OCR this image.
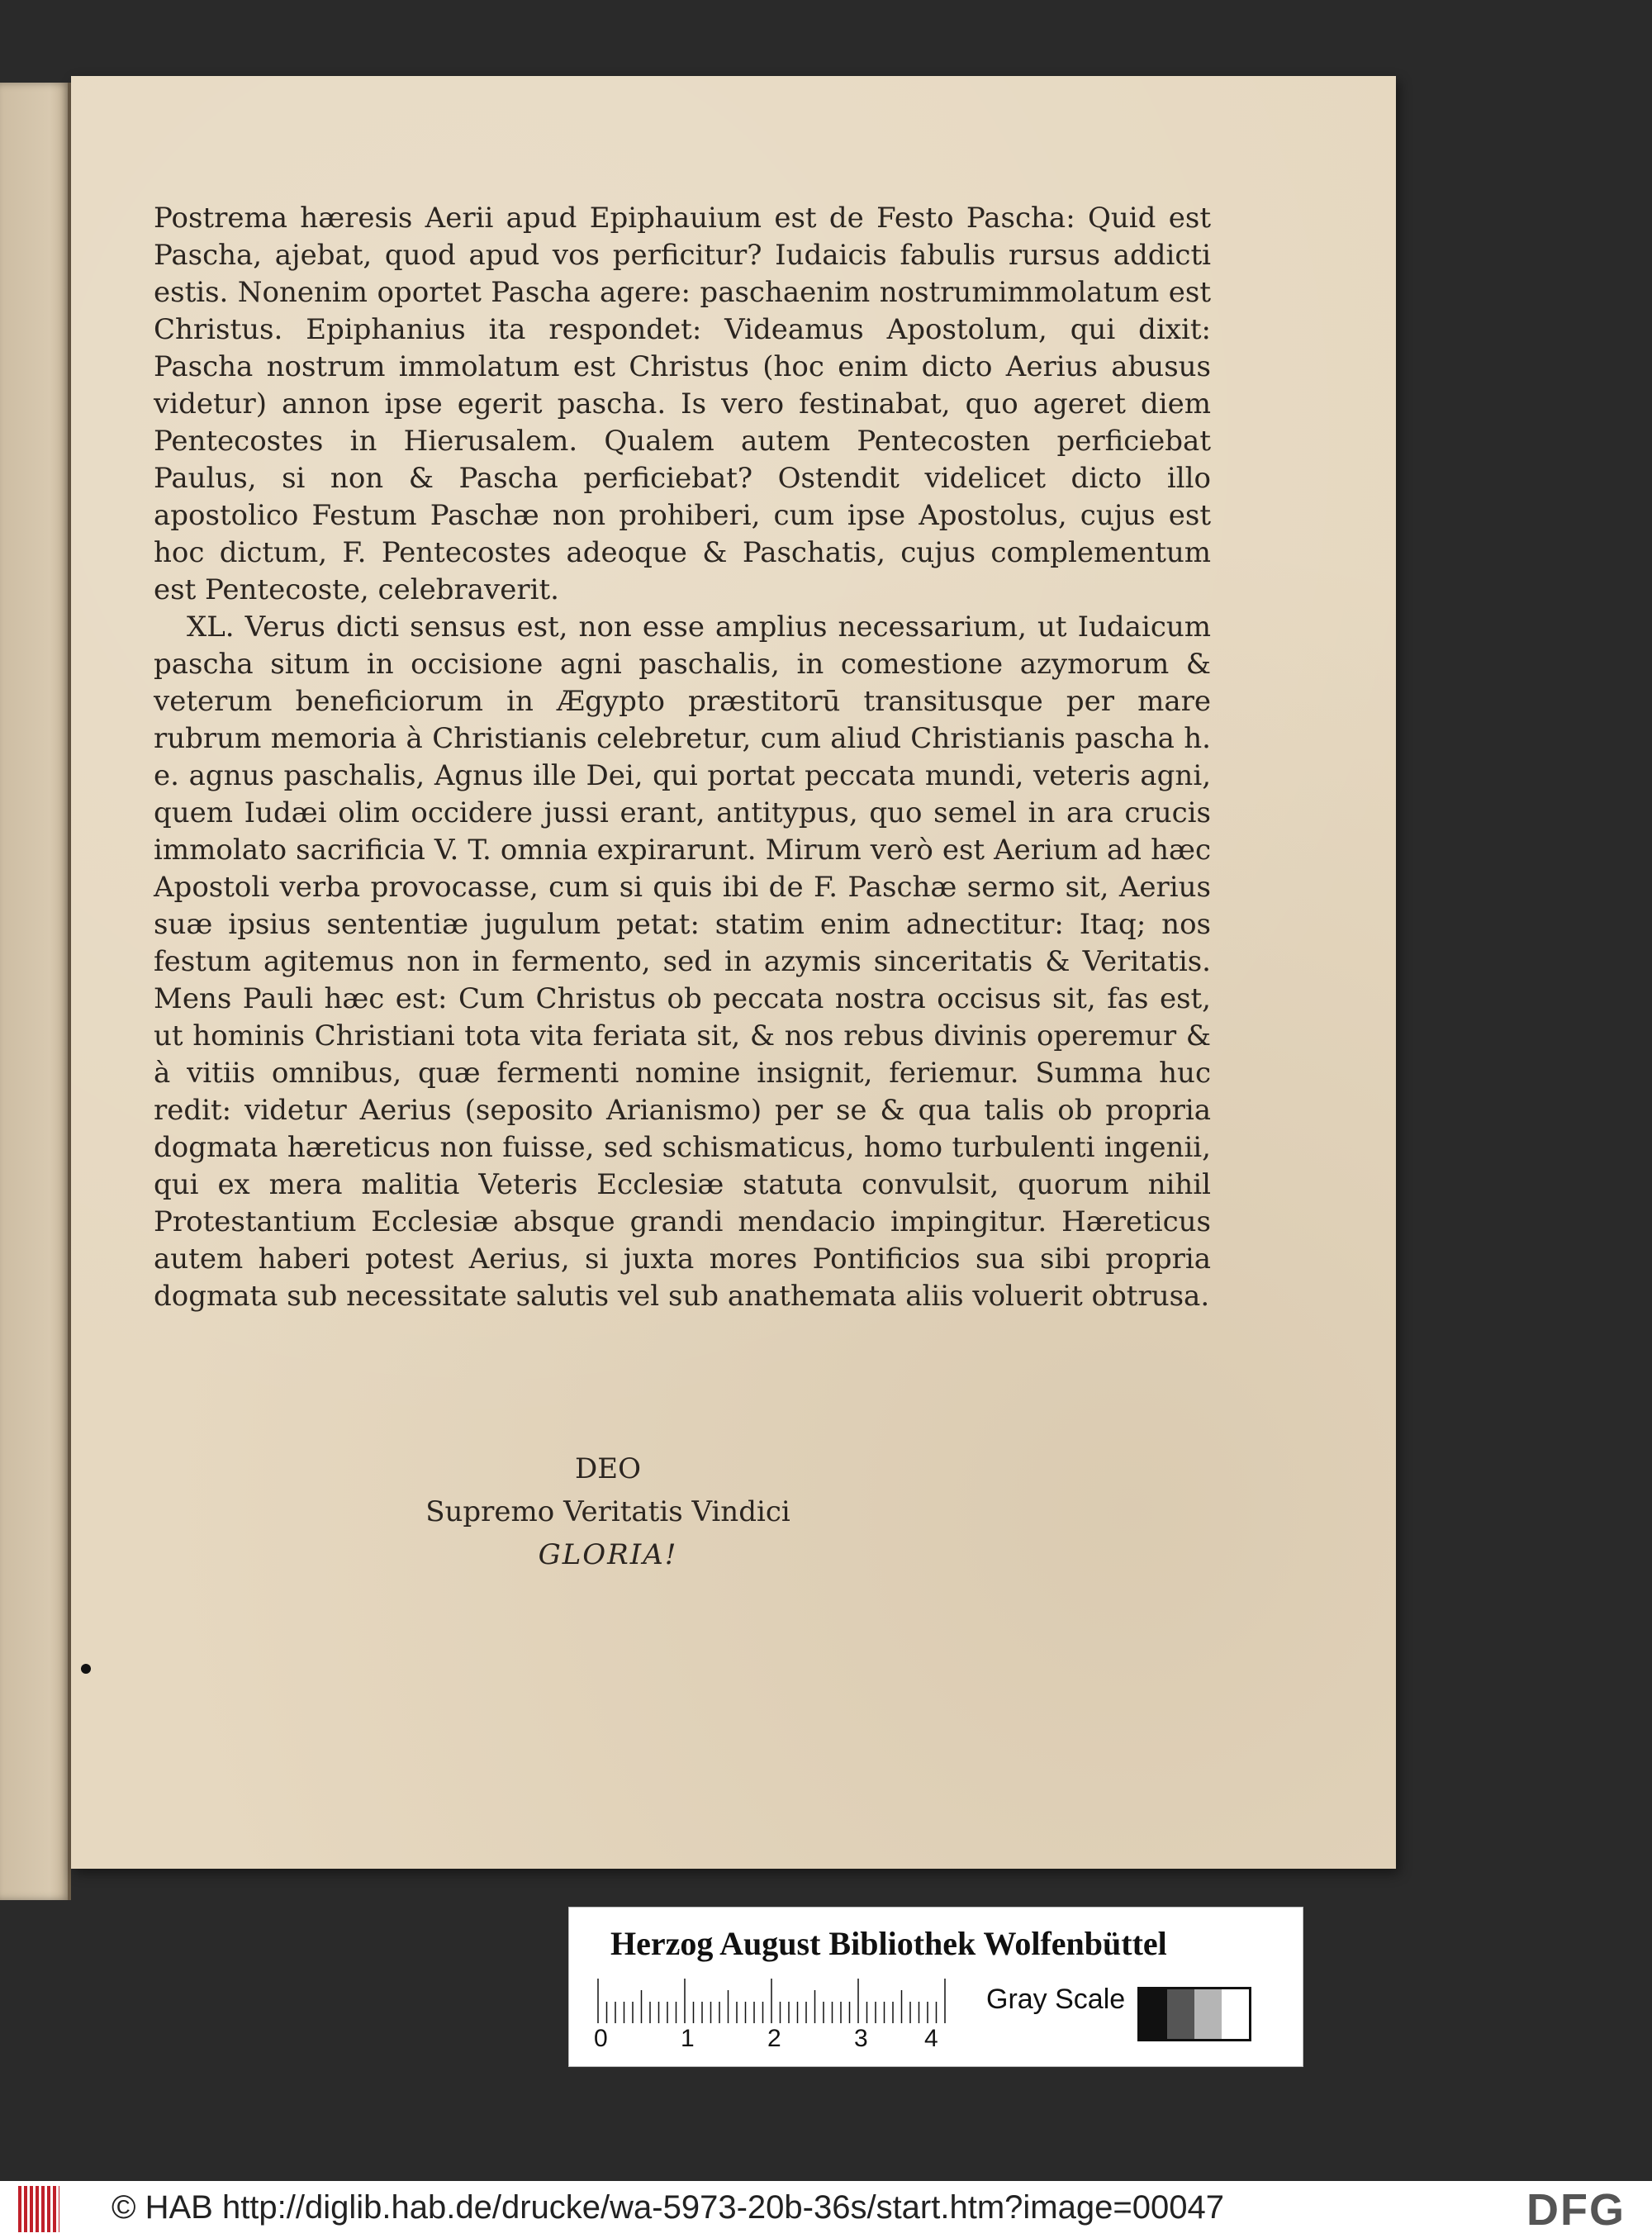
Postrema hæresis Aerii apud Epiphauium est de Festo Pascha: Quid est Pascha, ajebat, quod apud vos perficitur? Iudaicis fabulis rursus addicti estis. Nonenim oportet Pascha agere: paschaenim nostrumimmolatum est Christus. Epiphanius ita respondet: Videamus Apostolum, qui dixit: Pascha nostrum immolatum est Christus (hoc enim dicto Aerius abusus videtur) annon ipse egerit pascha. Is vero festinabat, quo ageret diem Pentecostes in Hierusalem. Qualem autem Pentecosten perficiebat Paulus, si non & Pascha perficiebat? Ostendit videlicet dicto illo apostolico Festum Paschæ non prohiberi, cum ipse Apostolus, cujus est hoc dictum, F. Pentecostes adeoque & Paschatis, cujus complementum est Pentecoste, celebraverit.

XL. Verus dicti sensus est, non esse amplius necessarium, ut Iudaicum pascha situm in occisione agni paschalis, in comestione azymorum & veterum beneficiorum in Ægypto præstitorū transitusque per mare rubrum memoria à Christianis celebretur, cum aliud Christianis pascha h. e. agnus paschalis, Agnus ille Dei, qui portat peccata mundi, veteris agni, quem Iudæi olim occidere jussi erant, antitypus, quo semel in ara crucis immolato sacrificia V. T. omnia expirarunt. Mirum verò est Aerium ad hæc Apostoli verba provocasse, cum si quis ibi de F. Paschæ sermo sit, Aerius suæ ipsius sententiæ jugulum petat: statim enim adnectitur: Itaq; nos festum agitemus non in fermento, sed in azymis sinceritatis & Veritatis. Mens Pauli hæc est: Cum Christus ob peccata nostra occisus sit, fas est, ut hominis Christiani tota vita feriata sit, & nos rebus divinis operemur & à vitiis omnibus, quæ fermenti nomine insignit, feriemur. Summa huc redit: videtur Aerius (seposito Arianismo) per se & qua talis ob propria dogmata hæreticus non fuisse, sed schismaticus, homo turbulenti ingenii, qui ex mera malitia Veteris Ecclesiæ statuta convulsit, quorum nihil Protestantium Ecclesiæ absque grandi mendacio impingitur. Hæreticus autem haberi potest Aerius, si juxta mores Pontificios sua sibi propria dogmata sub necessitate salutis vel sub anathemata aliis voluerit obtrusa.

DEO
Supremo Veritatis Vindici
GLORIA!
Herzog August Bibliothek Wolfenbüttel
0	1	2	3 4
Gray Scale
© HAB http://diglib.hab.de/drucke/wa-5973-20b-36s/start.htm?image=00047	DFG
